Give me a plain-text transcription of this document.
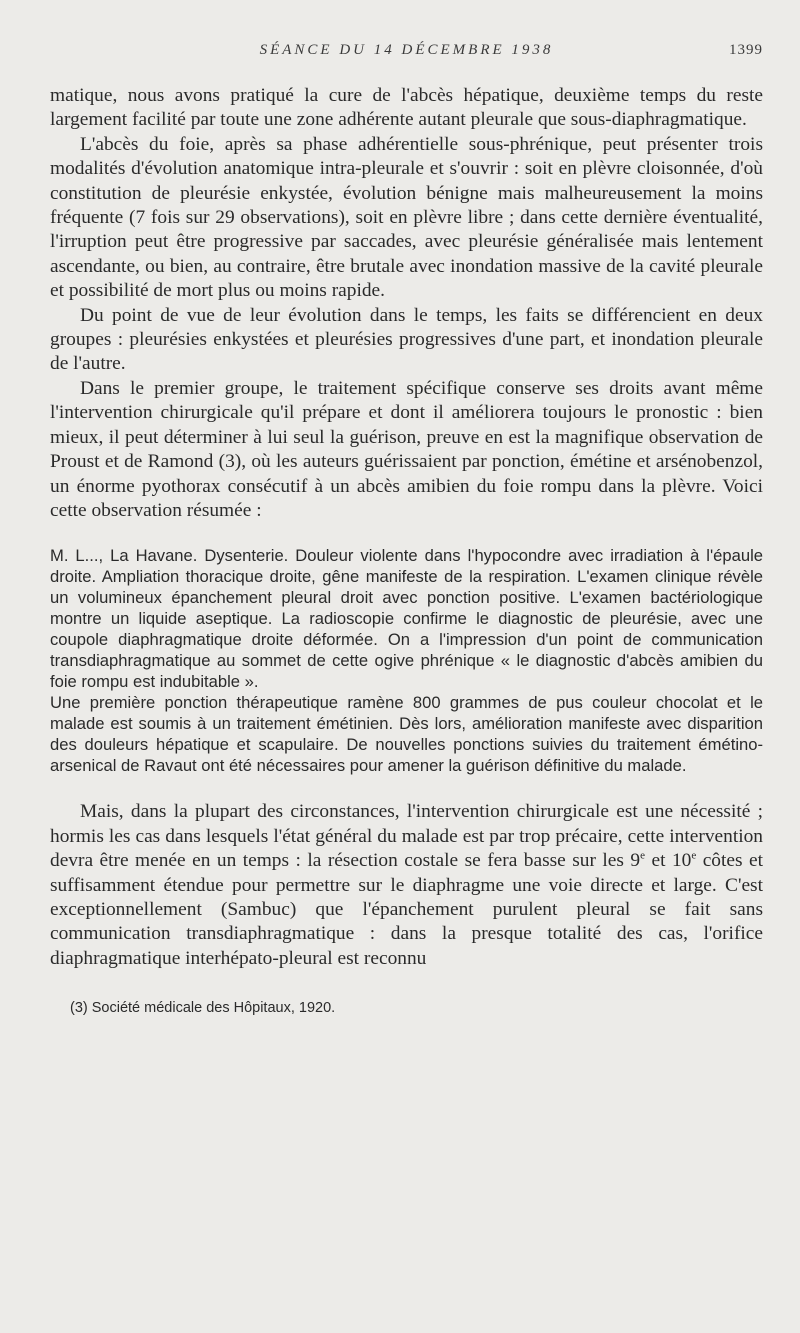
SÉANCE DU 14 DÉCEMBRE 1938	1399

matique, nous avons pratiqué la cure de l'abcès hépatique, deuxième temps du reste largement facilité par toute une zone adhérente autant pleurale que sous-diaphragmatique.

L'abcès du foie, après sa phase adhérentielle sous-phrénique, peut présenter trois modalités d'évolution anatomique intra-pleurale et s'ouvrir : soit en plèvre cloisonnée, d'où constitution de pleurésie enkystée, évolution bénigne mais malheureusement la moins fréquente (7 fois sur 29 observations), soit en plèvre libre ; dans cette dernière éventualité, l'irruption peut être progressive par saccades, avec pleurésie généralisée mais lentement ascendante, ou bien, au contraire, être brutale avec inondation massive de la cavité pleurale et possibilité de mort plus ou moins rapide.

Du point de vue de leur évolution dans le temps, les faits se différencient en deux groupes : pleurésies enkystées et pleurésies progressives d'une part, et inondation pleurale de l'autre.

Dans le premier groupe, le traitement spécifique conserve ses droits avant même l'intervention chirurgicale qu'il prépare et dont il améliorera toujours le pronostic : bien mieux, il peut déterminer à lui seul la guérison, preuve en est la magnifique observation de Proust et de Ramond (3), où les auteurs guérissaient par ponction, émétine et arsénobenzol, un énorme pyothorax consécutif à un abcès amibien du foie rompu dans la plèvre. Voici cette observation résumée :

M. L..., La Havane. Dysenterie. Douleur violente dans l'hypocondre avec irradiation à l'épaule droite. Ampliation thoracique droite, gêne manifeste de la respiration. L'examen clinique révèle un volumineux épanchement pleural droit avec ponction positive. L'examen bactériologique montre un liquide aseptique. La radioscopie confirme le diagnostic de pleurésie, avec une coupole diaphragmatique droite déformée. On a l'impression d'un point de communication transdiaphragmatique au sommet de cette ogive phrénique « le diagnostic d'abcès amibien du foie rompu est indubitable ».

Une première ponction thérapeutique ramène 800 grammes de pus couleur chocolat et le malade est soumis à un traitement émétinien. Dès lors, amélioration manifeste avec disparition des douleurs hépatique et scapulaire. De nouvelles ponctions suivies du traitement émétino-arsenical de Ravaut ont été nécessaires pour amener la guérison définitive du malade.

Mais, dans la plupart des circonstances, l'intervention chirurgicale est une nécessité ; hormis les cas dans lesquels l'état général du malade est par trop précaire, cette intervention devra être menée en un temps : la résection costale se fera basse sur les 9e et 10e côtes et suffisamment étendue pour permettre sur le diaphragme une voie directe et large. C'est exceptionnellement (Sambuc) que l'épanchement purulent pleural se fait sans communication transdiaphragmatique : dans la presque totalité des cas, l'orifice diaphragmatique interhépato-pleural est reconnu

(3) Société médicale des Hôpitaux, 1920.
